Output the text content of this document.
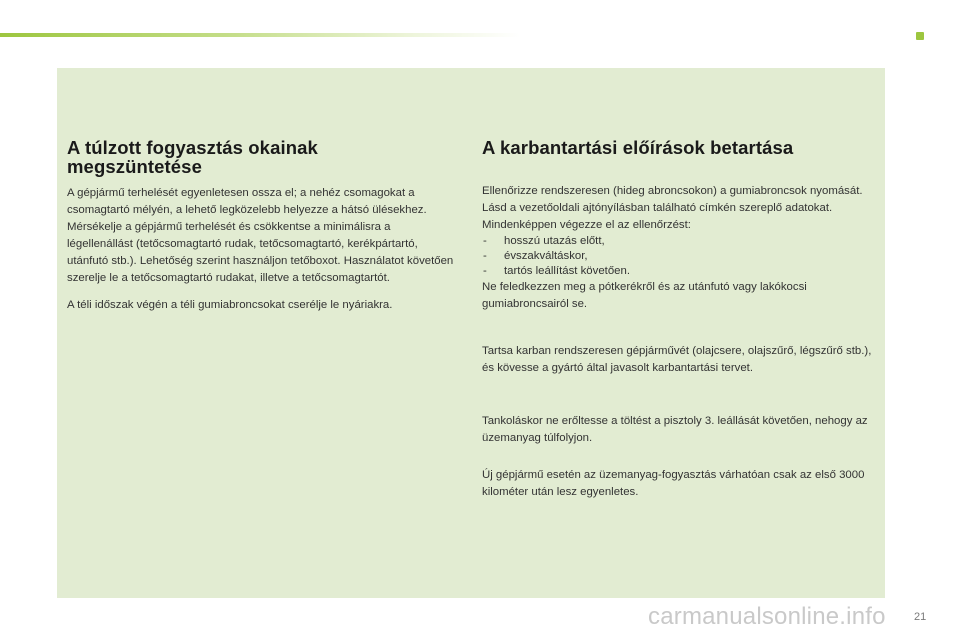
A túlzott fogyasztás okainak megszüntetése

A gépjármű terhelését egyenletesen ossza el; a nehéz csomagokat a csomagtartó mélyén, a lehető legközelebb helyezze a hátsó ülésekhez. Mérsékelje a gépjármű terhelését és csökkentse a minimálisra a légellenállást (tetőcsomagtartó rudak, tetőcsomagtartó, kerékpártartó, utánfutó stb.). Lehetőség szerint használjon tetőboxot. Használatot követően szerelje le a tetőcsomagtartó rudakat, illetve a tetőcsomagtartót.

A téli időszak végén a téli gumiabroncsokat cserélje le nyáriakra.

A karbantartási előírások betartása

Ellenőrizze rendszeresen (hideg abroncsokon) a gumiabroncsok nyomását. Lásd a vezetőoldali ajtónyílásban található címkén szereplő adatokat.

Mindenképpen végezze el az ellenőrzést:

- hosszú utazás előtt,
- évszakváltáskor,
- tartós leállítást követően.

Ne feledkezzen meg a pótkerékről és az utánfutó vagy lakókocsi gumiabroncsairól se.

Tartsa karban rendszeresen gépjárművét (olajcsere, olajszűrő, légszűrő stb.), és kövesse a gyártó által javasolt karbantartási tervet.

Tankoláskor ne erőltesse a töltést a pisztoly 3. leállását követően, nehogy az üzemanyag túlfolyjon.

Új gépjármű esetén az üzemanyag-fogyasztás várhatóan csak az első 3000 kilométer után lesz egyenletes.

carmanualsonline.info	21
